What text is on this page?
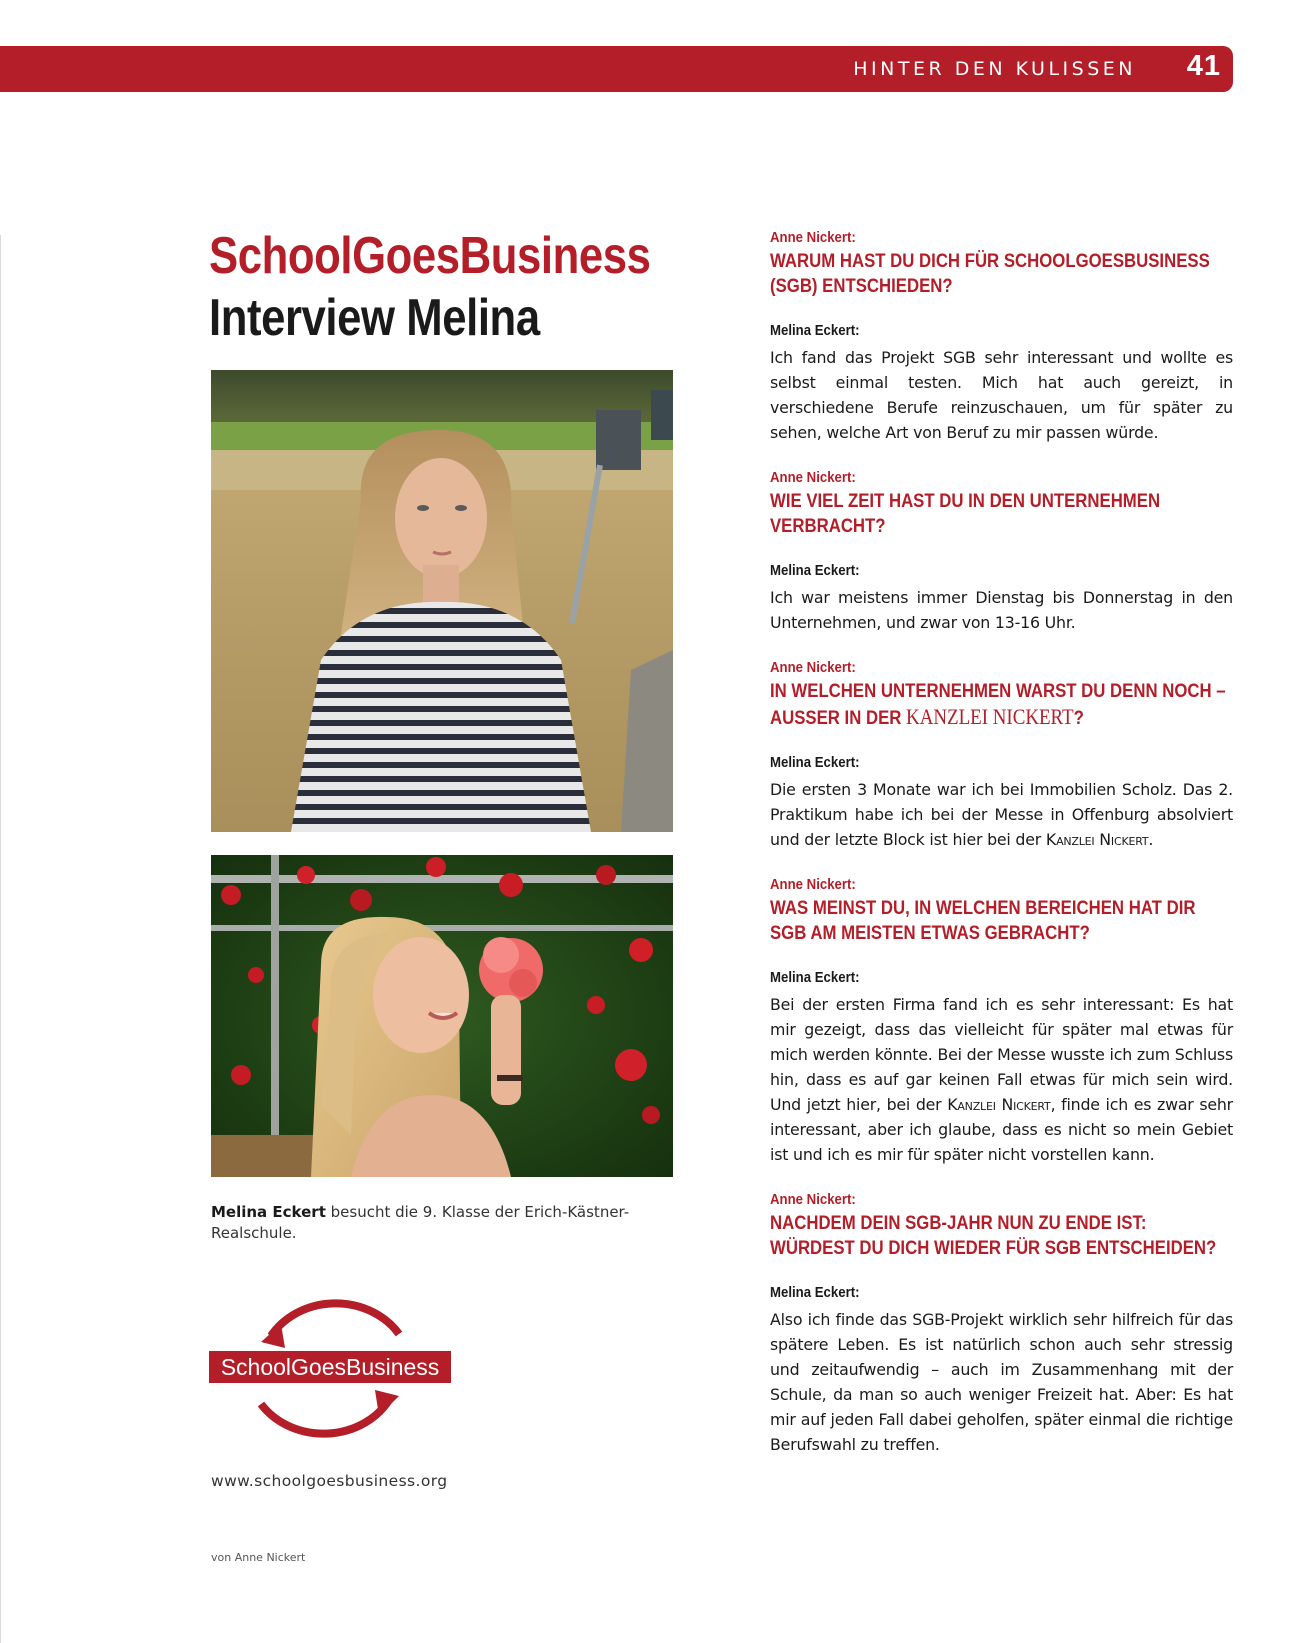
HINTER DEN KULISSEN 41
SchoolGoesBusiness
Interview Melina
Melina Eckert besucht die 9. Klasse der Erich-Kästner-Realschule.
SchoolGoesBusiness
www.schoolgoesbusiness.org
von Anne Nickert
Anne Nickert:
WARUM HAST DU DICH FÜR SCHOOLGOESBUSINESS (SGB) ENTSCHIEDEN?
Melina Eckert:

Ich fand das Projekt SGB sehr interessant und wollte es selbst einmal testen. Mich hat auch gereizt, in verschiedene Berufe reinzuschauen, um für später zu sehen, welche Art von Beruf zu mir passen würde.

Anne Nickert:
WIE VIEL ZEIT HAST DU IN DEN UNTERNEHMEN VERBRACHT?
Melina Eckert:

Ich war meistens immer Dienstag bis Donnerstag in den Unternehmen, und zwar von 13-16 Uhr.

Anne Nickert:
IN WELCHEN UNTERNEHMEN WARST DU DENN NOCH – AUSSER IN DER KANZLEI NICKERT?
Melina Eckert:

Die ersten 3 Monate war ich bei Immobilien Scholz. Das 2. Praktikum habe ich bei der Messe in Offenburg absolviert und der letzte Block ist hier bei der Kanzlei Nickert.

Anne Nickert:
WAS MEINST DU, IN WELCHEN BEREICHEN HAT DIR SGB AM MEISTEN ETWAS GEBRACHT?
Melina Eckert:

Bei der ersten Firma fand ich es sehr interessant: Es hat mir gezeigt, dass das vielleicht für später mal etwas für mich werden könnte. Bei der Messe wusste ich zum Schluss hin, dass es auf gar keinen Fall etwas für mich sein wird. Und jetzt hier, bei der Kanzlei Nickert, finde ich es zwar sehr interessant, aber ich glaube, dass es nicht so mein Gebiet ist und ich es mir für später nicht vorstellen kann.

Anne Nickert:
NACHDEM DEIN SGB-JAHR NUN ZU ENDE IST:
WÜRDEST DU DICH WIEDER FÜR SGB ENTSCHEIDEN?
Melina Eckert:

Also ich finde das SGB-Projekt wirklich sehr hilfreich für das spätere Leben. Es ist natürlich schon auch sehr stressig und zeitaufwendig – auch im Zusammenhang mit der Schule, da man so auch weniger Freizeit hat. Aber: Es hat mir auf jeden Fall dabei geholfen, später einmal die richtige Berufswahl zu treffen.
